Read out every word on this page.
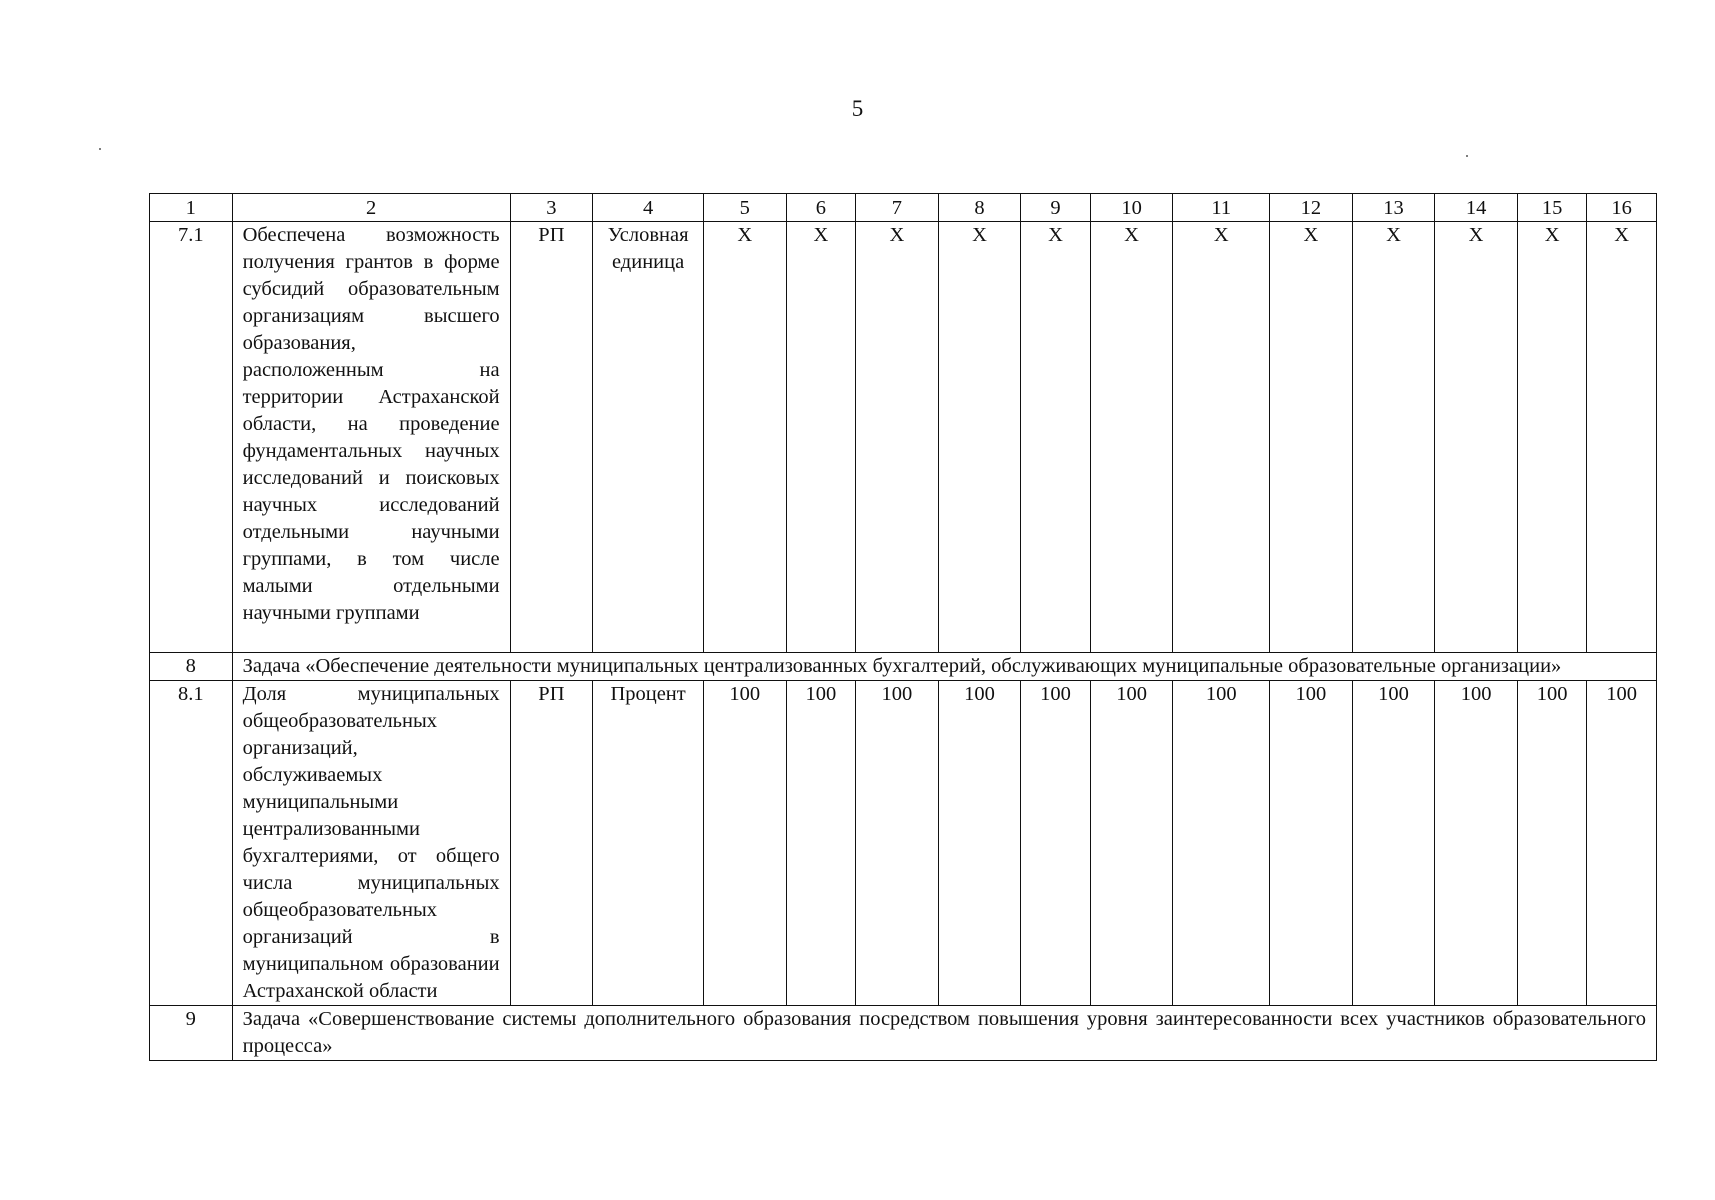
5
1	2	3	4	5	6	7	8	9	10	11	12	13	14	15	16
7.1	Обеспечена возможность получения грантов в форме субсидий образовательным организациям высшего образования, расположенным на территории Астраханской области, на проведение фундаментальных научных исследований и поисковых научных исследований отдельными научными группами, в том числе малыми отдельными научными группами	РП	Условная единица	Х	Х	Х	Х	Х	Х	Х	Х	Х	Х	Х	Х
8	Задача «Обеспечение деятельности муниципальных централизованных бухгалтерий, обслуживающих муниципальные образовательные организации»														
8.1	Доля муниципальных общеобразовательных организаций, обслуживаемых муниципальными централизованными бухгалтериями, от общего числа муниципальных общеобразовательных организаций в муниципальном образовании Астраханской области	РП	Процент	100	100	100	100	100	100	100	100	100	100	100	100
9	Задача «Совершенствование системы дополнительного образования посредством повышения уровня заинтересованности всех участников образовательного процесса»														
